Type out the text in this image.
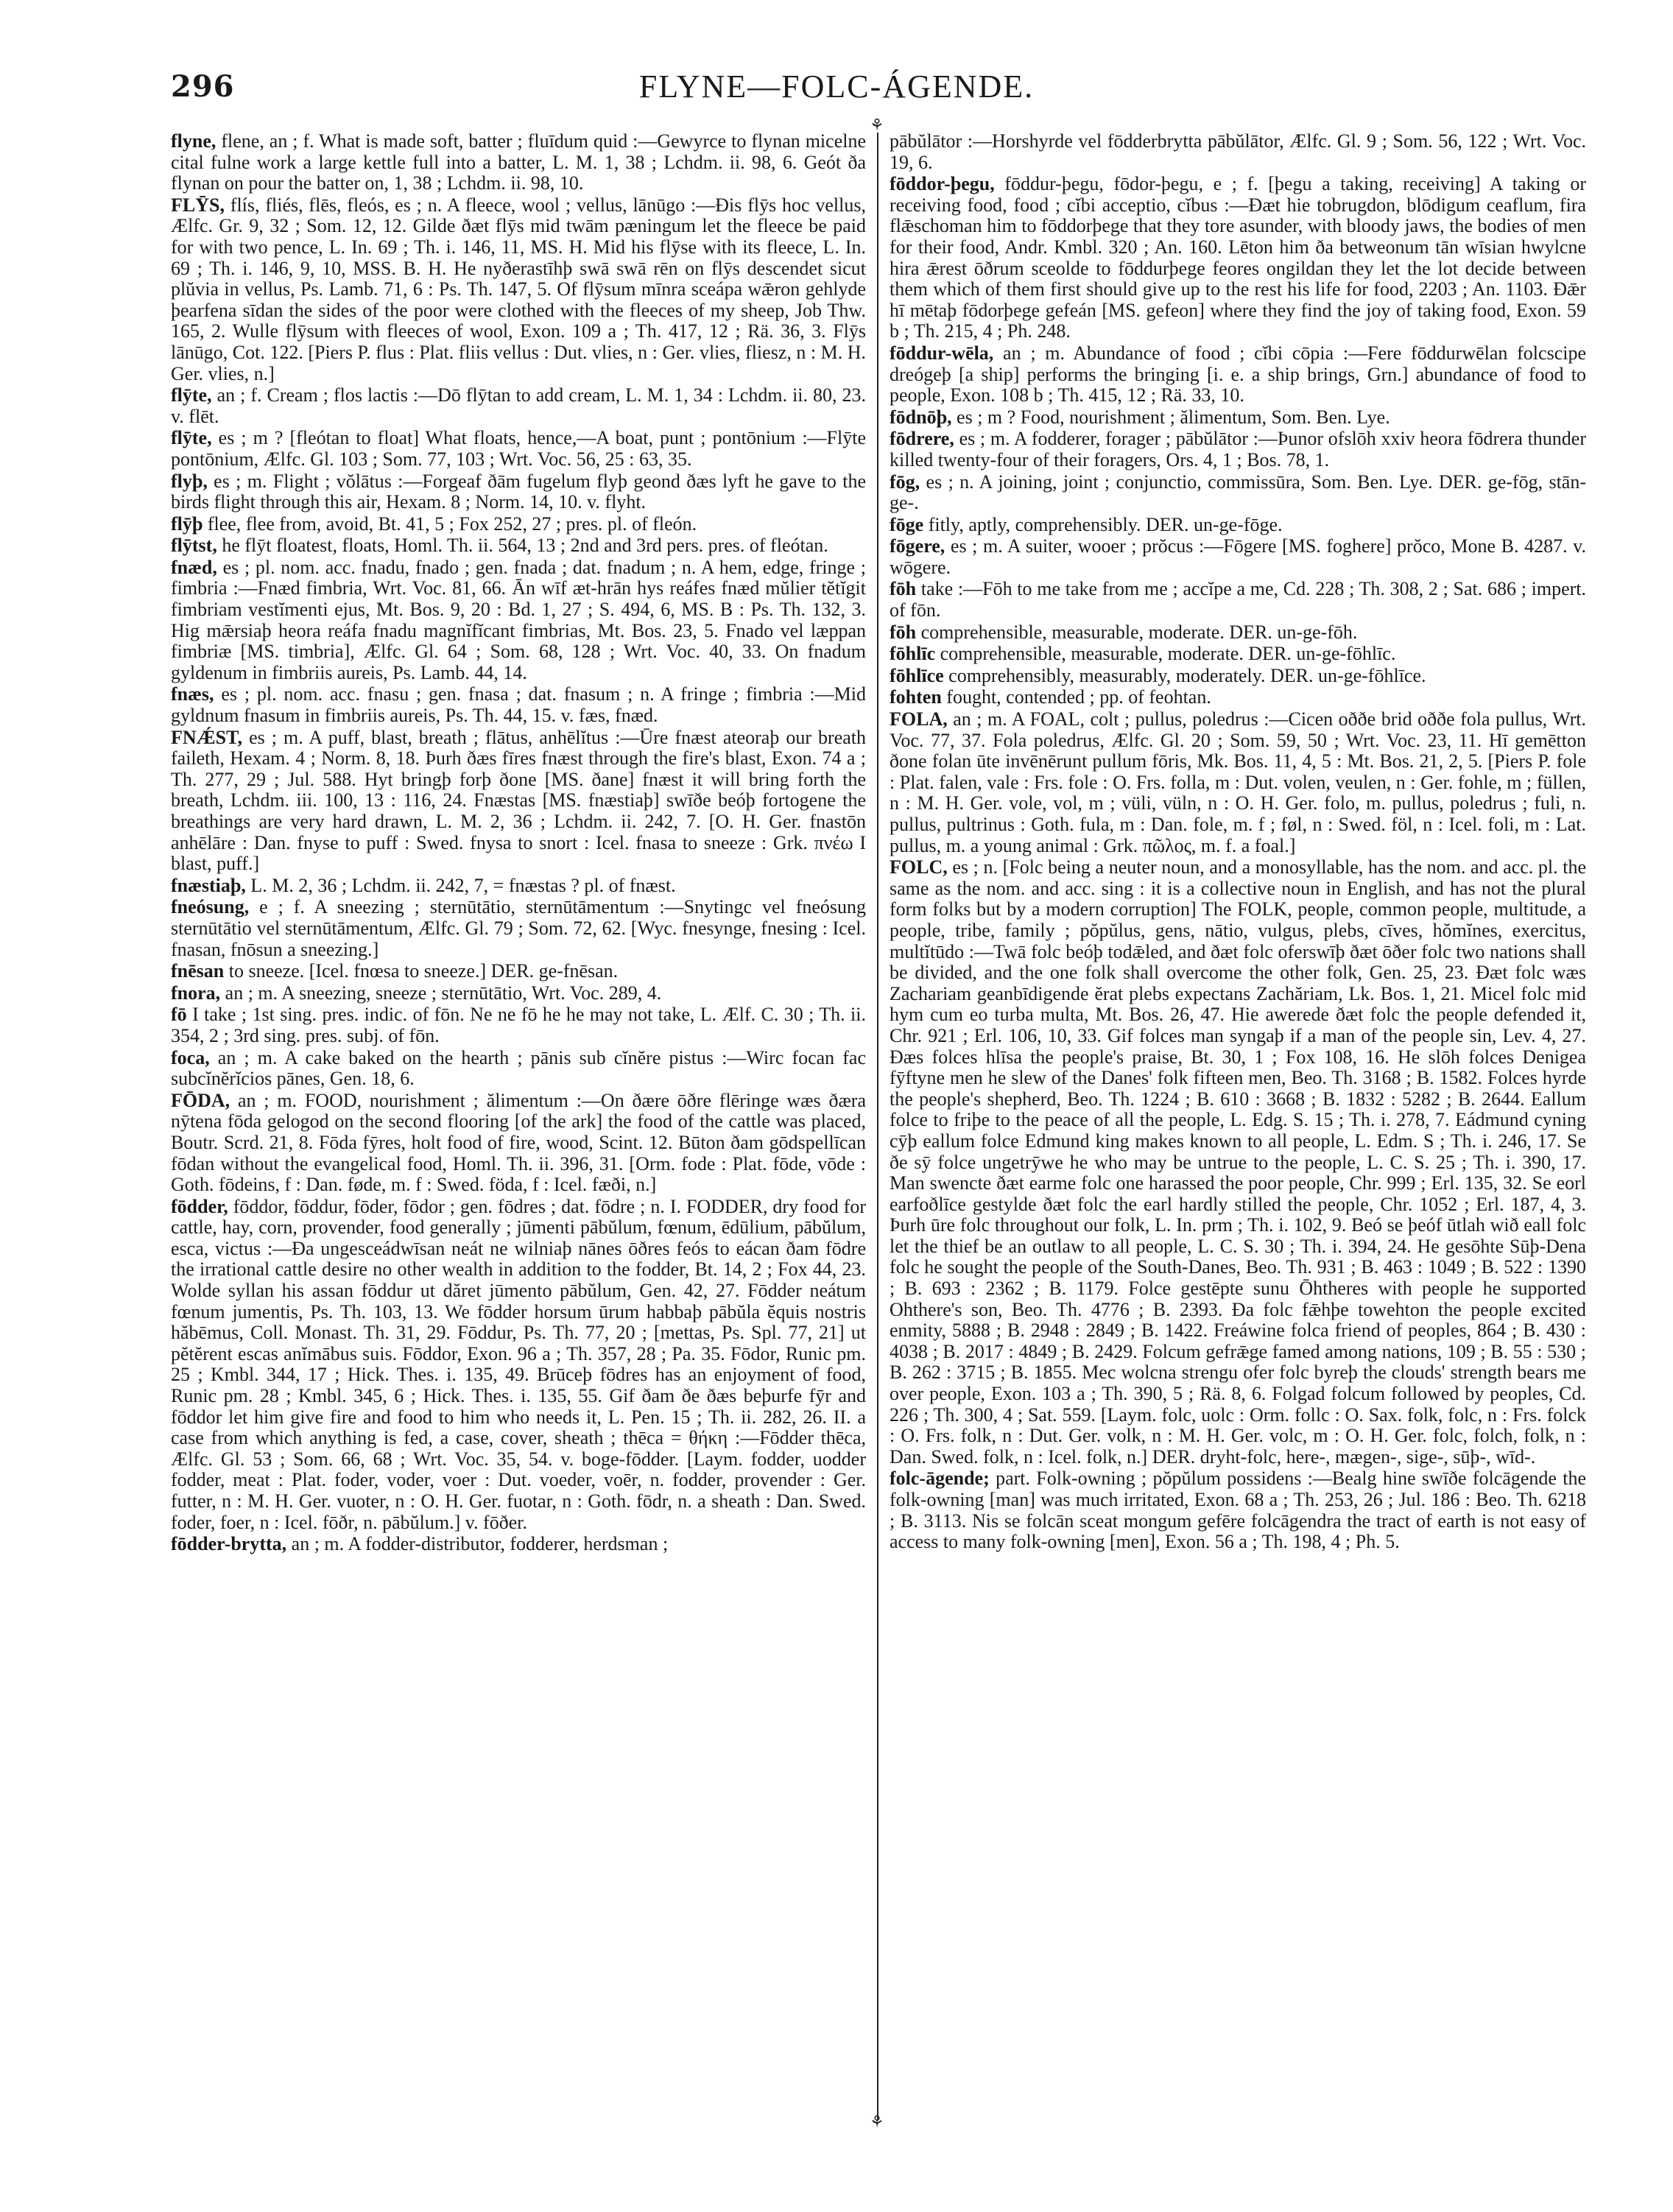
296	FLYNE—FOLC-ÁGENDE.
⚘
⚘

flyne, flene, an ; f. What is made soft, batter ; fluīdum quid :—Gewyrce to flynan micelne cital fulne work a large kettle full into a batter, L. M. 1, 38 ; Lchdm. ii. 98, 6. Geót ða flynan on pour the batter on, 1, 38 ; Lchdm. ii. 98, 10.

FLȲS, flís, fliés, flēs, fleós, es ; n. A fleece, wool ; vellus, lānūgo :—Ðis flȳs hoc vellus, Ælfc. Gr. 9, 32 ; Som. 12, 12. Gilde ðæt flȳs mid twām pæningum let the fleece be paid for with two pence, L. In. 69 ; Th. i. 146, 11, MS. H. Mid his flȳse with its fleece, L. In. 69 ; Th. i. 146, 9, 10, MSS. B. H. He nyðerastīhþ swā swā rēn on flȳs descendet sicut plŭvia in vellus, Ps. Lamb. 71, 6 : Ps. Th. 147, 5. Of flȳsum mīnra sceápa wǣron gehlyde þearfena sīdan the sides of the poor were clothed with the fleeces of my sheep, Job Thw. 165, 2. Wulle flȳsum with fleeces of wool, Exon. 109 a ; Th. 417, 12 ; Rä. 36, 3. Flȳs lānūgo, Cot. 122. [Piers P. flus : Plat. fliis vellus : Dut. vlies, n : Ger. vlies, fliesz, n : M. H. Ger. vlies, n.]

flȳte, an ; f. Cream ; flos lactis :—Dō flȳtan to add cream, L. M. 1, 34 : Lchdm. ii. 80, 23. v. flēt.

flȳte, es ; m ? [fleótan to float] What floats, hence,—A boat, punt ; pontōnium :—Flȳte pontōnium, Ælfc. Gl. 103 ; Som. 77, 103 ; Wrt. Voc. 56, 25 : 63, 35.

flyþ, es ; m. Flight ; vŏlātus :—Forgeaf ðām fugelum flyþ geond ðæs lyft he gave to the birds flight through this air, Hexam. 8 ; Norm. 14, 10. v. flyht.

flȳþ flee, flee from, avoid, Bt. 41, 5 ; Fox 252, 27 ; pres. pl. of fleón.

flȳtst, he flȳt floatest, floats, Homl. Th. ii. 564, 13 ; 2nd and 3rd pers. pres. of fleótan.

fnæd, es ; pl. nom. acc. fnadu, fnado ; gen. fnada ; dat. fnadum ; n. A hem, edge, fringe ; fimbria :—Fnæd fimbria, Wrt. Voc. 81, 66. Ān wīf æt-hrān hys reáfes fnæd mŭlier tĕtĭgit fimbriam vestĭmenti ejus, Mt. Bos. 9, 20 : Bd. 1, 27 ; S. 494, 6, MS. B : Ps. Th. 132, 3. Hig mǣrsiaþ heora reáfa fnadu magnĭfĭcant fimbrias, Mt. Bos. 23, 5. Fnado vel læppan fimbriæ [MS. timbria], Ælfc. Gl. 64 ; Som. 68, 128 ; Wrt. Voc. 40, 33. On fnadum gyldenum in fimbriis aureis, Ps. Lamb. 44, 14.

fnæs, es ; pl. nom. acc. fnasu ; gen. fnasa ; dat. fnasum ; n. A fringe ; fimbria :—Mid gyldnum fnasum in fimbriis aureis, Ps. Th. 44, 15. v. fæs, fnæd.

FNǼST, es ; m. A puff, blast, breath ; flātus, anhēlĭtus :—Ūre fnæst ateoraþ our breath faileth, Hexam. 4 ; Norm. 8, 18. Þurh ðæs fīres fnæst through the fire's blast, Exon. 74 a ; Th. 277, 29 ; Jul. 588. Hyt bringþ forþ ðone [MS. ðane] fnæst it will bring forth the breath, Lchdm. iii. 100, 13 : 116, 24. Fnæstas [MS. fnæstiaþ] swīðe beóþ fortogene the breathings are very hard drawn, L. M. 2, 36 ; Lchdm. ii. 242, 7. [O. H. Ger. fnastōn anhēlāre : Dan. fnyse to puff : Swed. fnysa to snort : Icel. fnasa to sneeze : Grk. πνέω I blast, puff.]

fnæstiaþ, L. M. 2, 36 ; Lchdm. ii. 242, 7, = fnæstas ? pl. of fnæst.

fneósung, e ; f. A sneezing ; sternūtātio, sternūtāmentum :—Snytingc vel fneósung sternūtātio vel sternūtāmentum, Ælfc. Gl. 79 ; Som. 72, 62. [Wyc. fnesynge, fnesing : Icel. fnasan, fnōsun a sneezing.]

fnēsan to sneeze. [Icel. fnœsa to sneeze.] DER. ge-fnēsan.

fnora, an ; m. A sneezing, sneeze ; sternūtātio, Wrt. Voc. 289, 4.

fō I take ; 1st sing. pres. indic. of fōn. Ne ne fō he he may not take, L. Ælf. C. 30 ; Th. ii. 354, 2 ; 3rd sing. pres. subj. of fōn.

foca, an ; m. A cake baked on the hearth ; pānis sub cĭnĕre pistus :—Wirc focan fac subcĭnĕrĭcios pānes, Gen. 18, 6.

FŌDA, an ; m. FOOD, nourishment ; ălimentum :—On ðære ōðre flēringe wæs ðæra nȳtena fōda gelogod on the second flooring [of the ark] the food of the cattle was placed, Boutr. Scrd. 21, 8. Fōda fȳres, holt food of fire, wood, Scint. 12. Būton ðam gōdspellīcan fōdan without the evangelical food, Homl. Th. ii. 396, 31. [Orm. fode : Plat. fōde, vōde : Goth. fōdeins, f : Dan. føde, m. f : Swed. föda, f : Icel. fæði, n.]

fōdder, fōddor, fōddur, fōder, fōdor ; gen. fōdres ; dat. fōdre ; n. I. FODDER, dry food for cattle, hay, corn, provender, food generally ; jūmenti pābŭlum, fœnum, ēdūlium, pābŭlum, esca, victus :—Ða ungesceádwīsan neát ne wilniaþ nānes ōðres feós to eácan ðam fōdre the irrational cattle desire no other wealth in addition to the fodder, Bt. 14, 2 ; Fox 44, 23. Wolde syllan his assan fōddur ut dăret jūmento pābŭlum, Gen. 42, 27. Fōdder neátum fœnum jumentis, Ps. Th. 103, 13. We fōdder horsum ūrum habbaþ pābŭla ĕquis nostris hăbēmus, Coll. Monast. Th. 31, 29. Fōddur, Ps. Th. 77, 20 ; [mettas, Ps. Spl. 77, 21] ut pĕtĕrent escas anĭmābus suis. Fōddor, Exon. 96 a ; Th. 357, 28 ; Pa. 35. Fōdor, Runic pm. 25 ; Kmbl. 344, 17 ; Hick. Thes. i. 135, 49. Brūceþ fōdres has an enjoyment of food, Runic pm. 28 ; Kmbl. 345, 6 ; Hick. Thes. i. 135, 55. Gif ðam ðe ðæs beþurfe fȳr and fōddor let him give fire and food to him who needs it, L. Pen. 15 ; Th. ii. 282, 26. II. a case from which anything is fed, a case, cover, sheath ; thēca = θήκη :—Fōdder thēca, Ælfc. Gl. 53 ; Som. 66, 68 ; Wrt. Voc. 35, 54. v. boge-fōdder. [Laym. fodder, uodder fodder, meat : Plat. foder, voder, voer : Dut. voeder, voēr, n. fodder, provender : Ger. futter, n : M. H. Ger. vuoter, n : O. H. Ger. fuotar, n : Goth. fōdr, n. a sheath : Dan. Swed. foder, foer, n : Icel. fōðr, n. pābŭlum.] v. fōðer.

fōdder-brytta, an ; m. A fodder-distributor, fodderer, herdsman ;

pābŭlātor :—Horshyrde vel fōdderbrytta pābŭlātor, Ælfc. Gl. 9 ; Som. 56, 122 ; Wrt. Voc. 19, 6.

fōddor-þegu, fōddur-þegu, fōdor-þegu, e ; f. [þegu a taking, receiving] A taking or receiving food, food ; cĭbi acceptio, cĭbus :—Ðæt hie tobrugdon, blōdigum ceaflum, fira flǣschoman him to fōddorþege that they tore asunder, with bloody jaws, the bodies of men for their food, Andr. Kmbl. 320 ; An. 160. Lēton him ða betweonum tān wīsian hwylcne hira ǣrest ōðrum sceolde to fōddurþege feores ongildan they let the lot decide between them which of them first should give up to the rest his life for food, 2203 ; An. 1103. Ðǣr hī mētaþ fōdorþege gefeán [MS. gefeon] where they find the joy of taking food, Exon. 59 b ; Th. 215, 4 ; Ph. 248.

fōddur-wēla, an ; m. Abundance of food ; cĭbi cōpia :—Fere fōddurwēlan folcscipe dreógeþ [a ship] performs the bringing [i. e. a ship brings, Grn.] abundance of food to people, Exon. 108 b ; Th. 415, 12 ; Rä. 33, 10.

fōdnōþ, es ; m ? Food, nourishment ; ălimentum, Som. Ben. Lye.

fōdrere, es ; m. A fodderer, forager ; pābŭlātor :—Þunor ofslōh xxiv heora fōdrera thunder killed twenty-four of their foragers, Ors. 4, 1 ; Bos. 78, 1.

fōg, es ; n. A joining, joint ; conjunctio, commissūra, Som. Ben. Lye. DER. ge-fōg, stān-ge-.

fōge fitly, aptly, comprehensibly. DER. un-ge-fōge.

fōgere, es ; m. A suiter, wooer ; prŏcus :—Fōgere [MS. foghere] prŏco, Mone B. 4287. v. wōgere.

fōh take :—Fōh to me take from me ; accĭpe a me, Cd. 228 ; Th. 308, 2 ; Sat. 686 ; impert. of fōn.

fōh comprehensible, measurable, moderate. DER. un-ge-fōh.

fōhlīc comprehensible, measurable, moderate. DER. un-ge-fōhlīc.

fōhlīce comprehensibly, measurably, moderately. DER. un-ge-fōhlīce.

fohten fought, contended ; pp. of feohtan.

FOLA, an ; m. A FOAL, colt ; pullus, poledrus :—Cicen oððe brid oððe fola pullus, Wrt. Voc. 77, 37. Fola poledrus, Ælfc. Gl. 20 ; Som. 59, 50 ; Wrt. Voc. 23, 11. Hī gemētton ðone folan ūte invēnērunt pullum fōris, Mk. Bos. 11, 4, 5 : Mt. Bos. 21, 2, 5. [Piers P. fole : Plat. falen, vale : Frs. fole : O. Frs. folla, m : Dut. volen, veulen, n : Ger. fohle, m ; füllen, n : M. H. Ger. vole, vol, m ; vüli, vüln, n : O. H. Ger. folo, m. pullus, poledrus ; fuli, n. pullus, pultrinus : Goth. fula, m : Dan. fole, m. f ; føl, n : Swed. föl, n : Icel. foli, m : Lat. pullus, m. a young animal : Grk. πῶλος, m. f. a foal.]

FOLC, es ; n. [Folc being a neuter noun, and a monosyllable, has the nom. and acc. pl. the same as the nom. and acc. sing : it is a collective noun in English, and has not the plural form folks but by a modern corruption] The FOLK, people, common people, multitude, a people, tribe, family ; pŏpŭlus, gens, nātio, vulgus, plebs, cīves, hŏmĭnes, exercitus, multĭtūdo :—Twā folc beóþ todǣled, and ðæt folc oferswīþ ðæt ōðer folc two nations shall be divided, and the one folk shall overcome the other folk, Gen. 25, 23. Ðæt folc wæs Zachariam geanbīdigende ĕrat plebs expectans Zachăriam, Lk. Bos. 1, 21. Micel folc mid hym cum eo turba multa, Mt. Bos. 26, 47. Hie awerede ðæt folc the people defended it, Chr. 921 ; Erl. 106, 10, 33. Gif folces man syngaþ if a man of the people sin, Lev. 4, 27. Ðæs folces hlīsa the people's praise, Bt. 30, 1 ; Fox 108, 16. He slōh folces Denigea fȳftyne men he slew of the Danes' folk fifteen men, Beo. Th. 3168 ; B. 1582. Folces hyrde the people's shepherd, Beo. Th. 1224 ; B. 610 : 3668 ; B. 1832 : 5282 ; B. 2644. Eallum folce to friþe to the peace of all the people, L. Edg. S. 15 ; Th. i. 278, 7. Eádmund cyning cȳþ eallum folce Edmund king makes known to all people, L. Edm. S ; Th. i. 246, 17. Se ðe sȳ folce ungetrȳwe he who may be untrue to the people, L. C. S. 25 ; Th. i. 390, 17. Man swencte ðæt earme folc one harassed the poor people, Chr. 999 ; Erl. 135, 32. Se eorl earfoðlīce gestylde ðæt folc the earl hardly stilled the people, Chr. 1052 ; Erl. 187, 4, 3. Þurh ūre folc throughout our folk, L. In. prm ; Th. i. 102, 9. Beó se þeóf ūtlah wið eall folc let the thief be an outlaw to all people, L. C. S. 30 ; Th. i. 394, 24. He gesōhte Sūþ-Dena folc he sought the people of the South-Danes, Beo. Th. 931 ; B. 463 : 1049 ; B. 522 : 1390 ; B. 693 : 2362 ; B. 1179. Folce gestēpte sunu Ōhtheres with people he supported Ohthere's son, Beo. Th. 4776 ; B. 2393. Ða folc fǣhþe towehton the people excited enmity, 5888 ; B. 2948 : 2849 ; B. 1422. Freáwine folca friend of peoples, 864 ; B. 430 : 4038 ; B. 2017 : 4849 ; B. 2429. Folcum gefrǣge famed among nations, 109 ; B. 55 : 530 ; B. 262 : 3715 ; B. 1855. Mec wolcna strengu ofer folc byreþ the clouds' strength bears me over people, Exon. 103 a ; Th. 390, 5 ; Rä. 8, 6. Folgad folcum followed by peoples, Cd. 226 ; Th. 300, 4 ; Sat. 559. [Laym. folc, uolc : Orm. follc : O. Sax. folk, folc, n : Frs. folck : O. Frs. folk, n : Dut. Ger. volk, n : M. H. Ger. volc, m : O. H. Ger. folc, folch, folk, n : Dan. Swed. folk, n : Icel. folk, n.] DER. dryht-folc, here-, mægen-, sige-, sūþ-, wīd-.

folc-āgende; part. Folk-owning ; pŏpŭlum possidens :—Bealg hine swīðe folcāgende the folk-owning [man] was much irritated, Exon. 68 a ; Th. 253, 26 ; Jul. 186 : Beo. Th. 6218 ; B. 3113. Nis se folcān sceat mongum gefēre folcāgendra the tract of earth is not easy of access to many folk-owning [men], Exon. 56 a ; Th. 198, 4 ; Ph. 5.
